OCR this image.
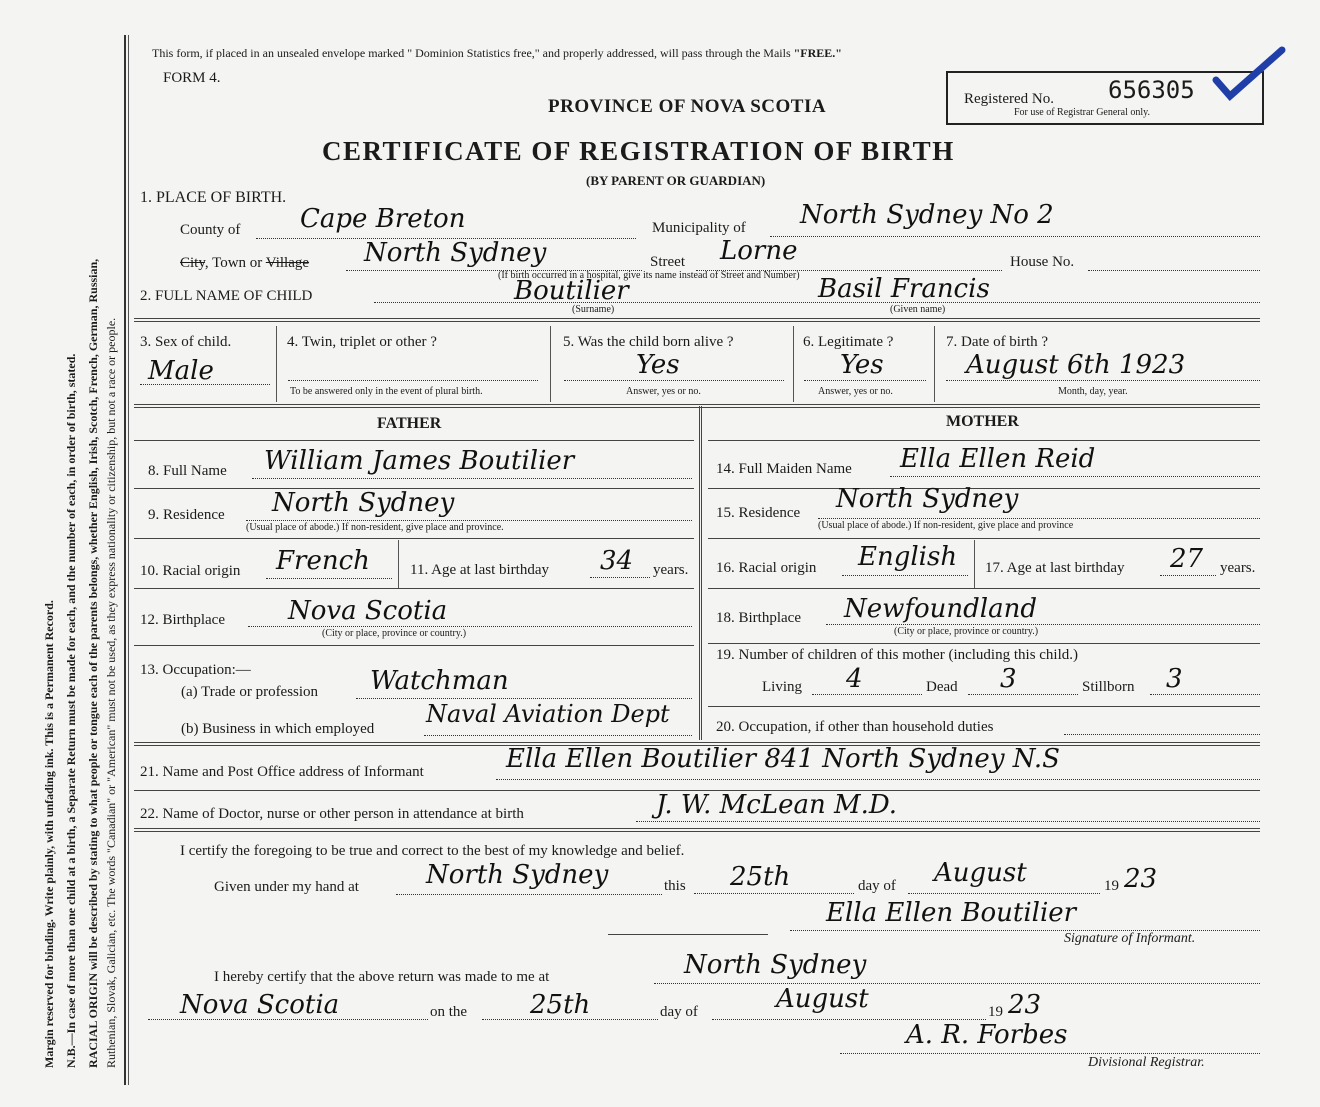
Margin reserved for binding. Write plainly, with unfading ink. This is a Permanent Record. N.B.—In case of more than one child at a birth, a Separate Return must be made for each, and the number of each, in order of birth, stated. RACIAL ORIGIN will be described by stating to what people or tongue each of the parents belongs, whether English, Irish, Scotch, French, German, Russian, Ruthenian, Slovak, Galician, etc. The words "Canadian" or "American" must not be used, as they express nationality or citizenship, but not a race or people.
This form, if placed in an unsealed envelope marked " Dominion Statistics free," and properly addressed, will pass through the Mails "FREE."
FORM 4.
PROVINCE OF NOVA SCOTIA
CERTIFICATE OF REGISTRATION OF BIRTH
(BY PARENT OR GUARDIAN)
Registered No. 656305
For use of Registrar General only.
1. PLACE OF BIRTH.
County of Cape Breton	Municipality of North Sydney No 2
City, Town or Village North Sydney	Street Lorne	House No.
(If birth occurred in a hospital, give its name instead of Street and Number)
2. FULL NAME OF CHILD	Boutilier
(Surname)
Basil Francis
(Given name)
3. Sex of child.
Male
4. Twin, triplet or other ?
To be answered only in the event of plural birth.
5. Was the child born alive ?
Yes
Answer, yes or no.
6. Legitimate ?
Yes
Answer, yes or no.
7. Date of birth ?
August 6th 1923
Month, day, year.
FATHER	MOTHER
8. Full Name William James Boutilier
9. Residence North Sydney
(Usual place of abode.) If non-resident, give place and province.
10. Racial origin French	11. Age at last birthday 34 years.
12. Birthplace Nova Scotia
(City or place, province or country.)
13. Occupation:—
(a) Trade or profession Watchman
(b) Business in which employed
Naval Aviation Dept
14. Full Maiden Name Ella Ellen Reid
15. Residence North Sydney
(Usual place of abode.) If non-resident, give place and province
16. Racial origin English 17. Age at last birthday 27 years.
18. Birthplace Newfoundland
(City or place, province or country.)
19. Number of children of this mother (including this child.)
Living 4	Dead 3	Stillborn 3
20. Occupation, if other than household duties
21. Name and Post Office address of Informant	Ella Ellen Boutilier 841 North Sydney N.S
22. Name of Doctor, nurse or other person in attendance at birth	J. W. McLean M.D.
I certify the foregoing to be true and correct to the best of my knowledge and belief.
Given under my hand at	North Sydney	this 25th	day of August	19 23
Ella Ellen Boutilier
Signature of Informant.
I hereby certify that the above return was made to me at	North Sydney
Nova Scotia	on the 25th	day of	August	19 23
A. R. Forbes
Divisional Registrar.
